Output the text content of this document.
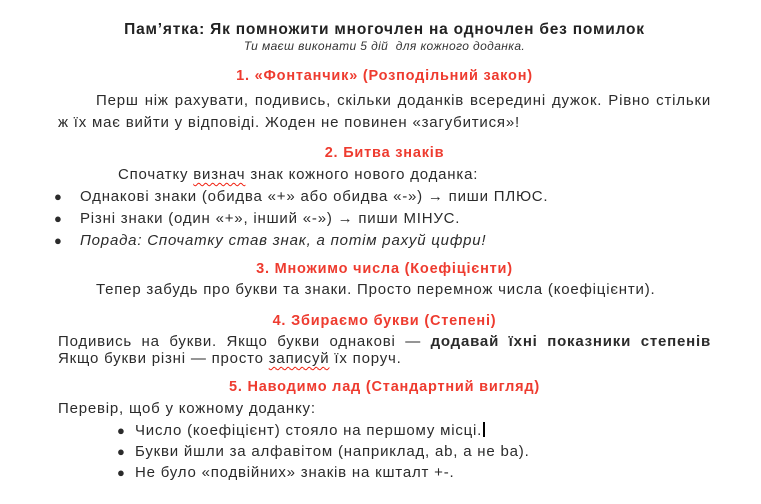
Пам’ятка: Як помножити многочлен на одночлен без помилок
Ти маєш виконати 5 дій  для кожного доданка.
1. «Фонтанчик» (Розподільний закон)

Перш ніж рахувати, подивись, скільки доданків всередині дужок. Рівно стільки ж їх має вийти у відповіді. Жоден не повинен «загубитися»!

2. Битва знаків

Спочатку визнач знак кожного нового доданка:

●	Однакові знаки (обидва «+» або обидва «-») → пиши ПЛЮС.
●	Різні знаки (один «+», інший «-») → пиши МІНУС.
●	Порада: Спочатку став знак, а потім рахуй цифри!
3. Множимо числа (Коефіцієнти)

Тепер забудь про букви та знаки. Просто перемнож числа (коефіцієнти).

4. Збираємо букви (Степені)

Подивись на букви. Якщо букви однакові — додавай їхні показники степенів Якщо букви різні — просто записуй їх поруч.

5. Наводимо лад (Стандартний вигляд)

Перевір, щоб у кожному доданку:

● Число (коефіцієнт) стояло на першому місці.
● Букви йшли за алфавітом (наприклад, ab, а не ba).
● Не було «подвійних» знаків на кшталт +-.
